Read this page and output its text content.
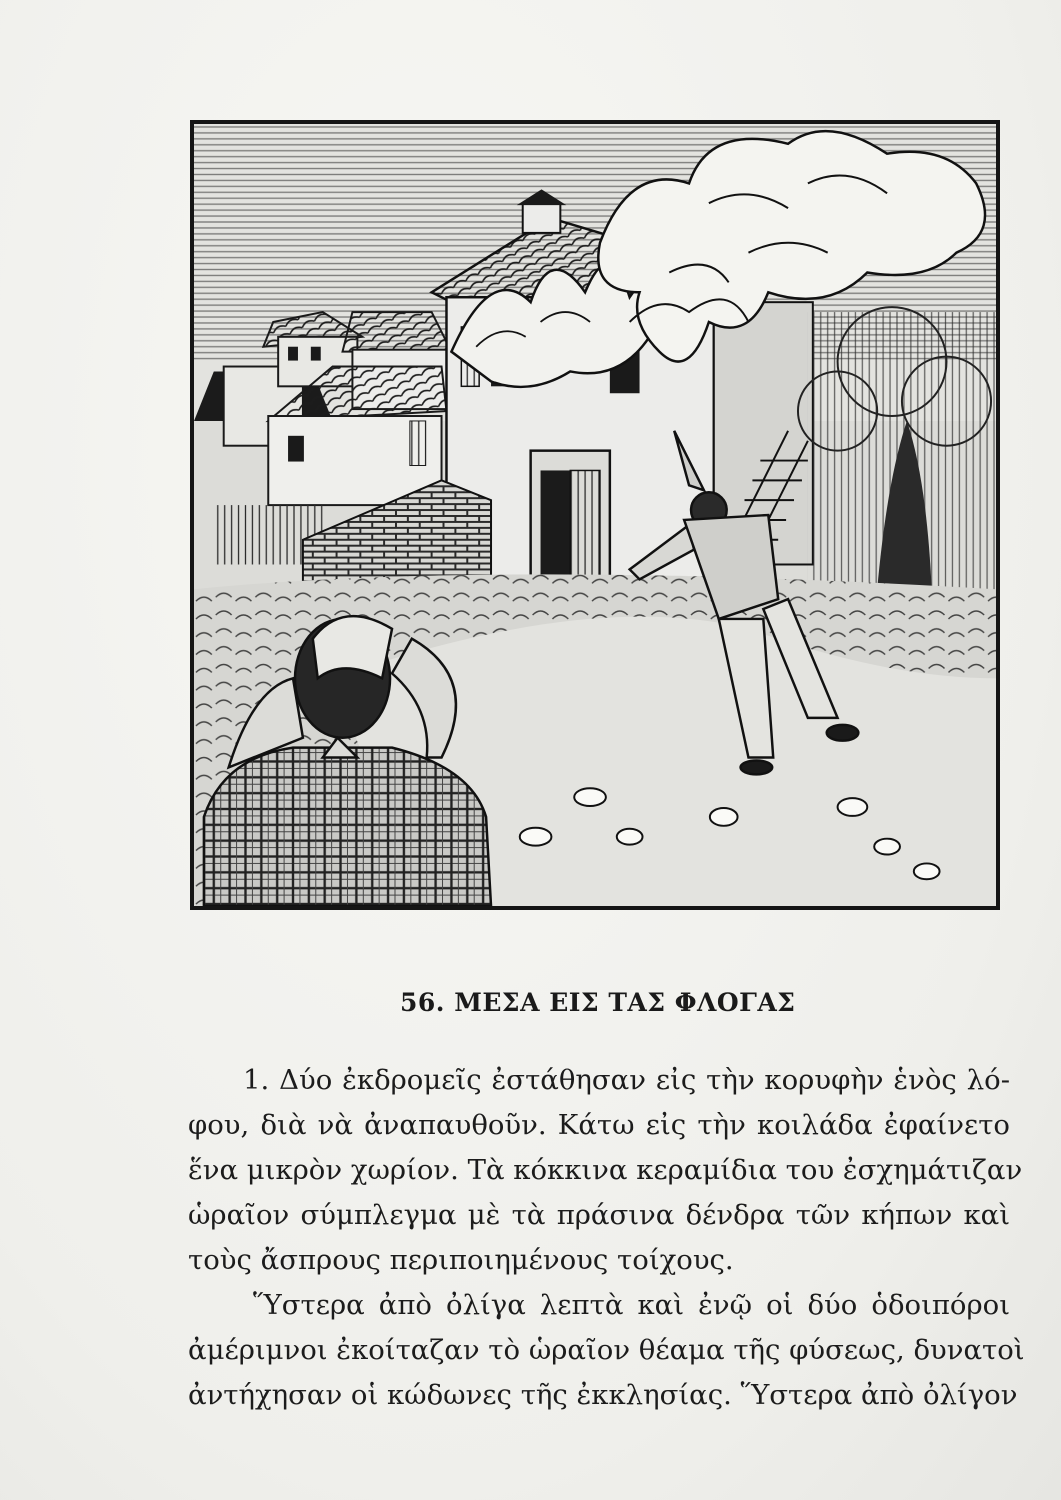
56. ΜΕΣΑ ΕΙΣ ΤΑΣ ΦΛΟΓΑΣ
1. Δύο ἐκδρομεῖς ἐστάθησαν εἰς τὴν κορυφὴν ἑνὸς λό-
φου, διὰ νὰ ἀναπαυθοῦν. Κάτω εἰς τὴν κοιλάδα ἐφαίνετο
ἕνα μικρὸν χωρίον. Τὰ κόκκινα κεραμίδια του ἐσχημάτιζαν
ὡραῖον σύμπλεγμα μὲ τὰ πράσινα δένδρα τῶν κήπων καὶ
τοὺς ἄσπρους περιποιημένους τοίχους.
Ὕστερα ἀπὸ ὀλίγα λεπτὰ καὶ ἐνῷ οἱ δύο ὁδοιπόροι
ἀμέριμνοι ἐκοίταζαν τὸ ὡραῖον θέαμα τῆς φύσεως, δυνατοὶ
ἀντήχησαν οἱ κώδωνες τῆς ἐκκλησίας. Ὕστερα ἀπὸ ὀλίγον
